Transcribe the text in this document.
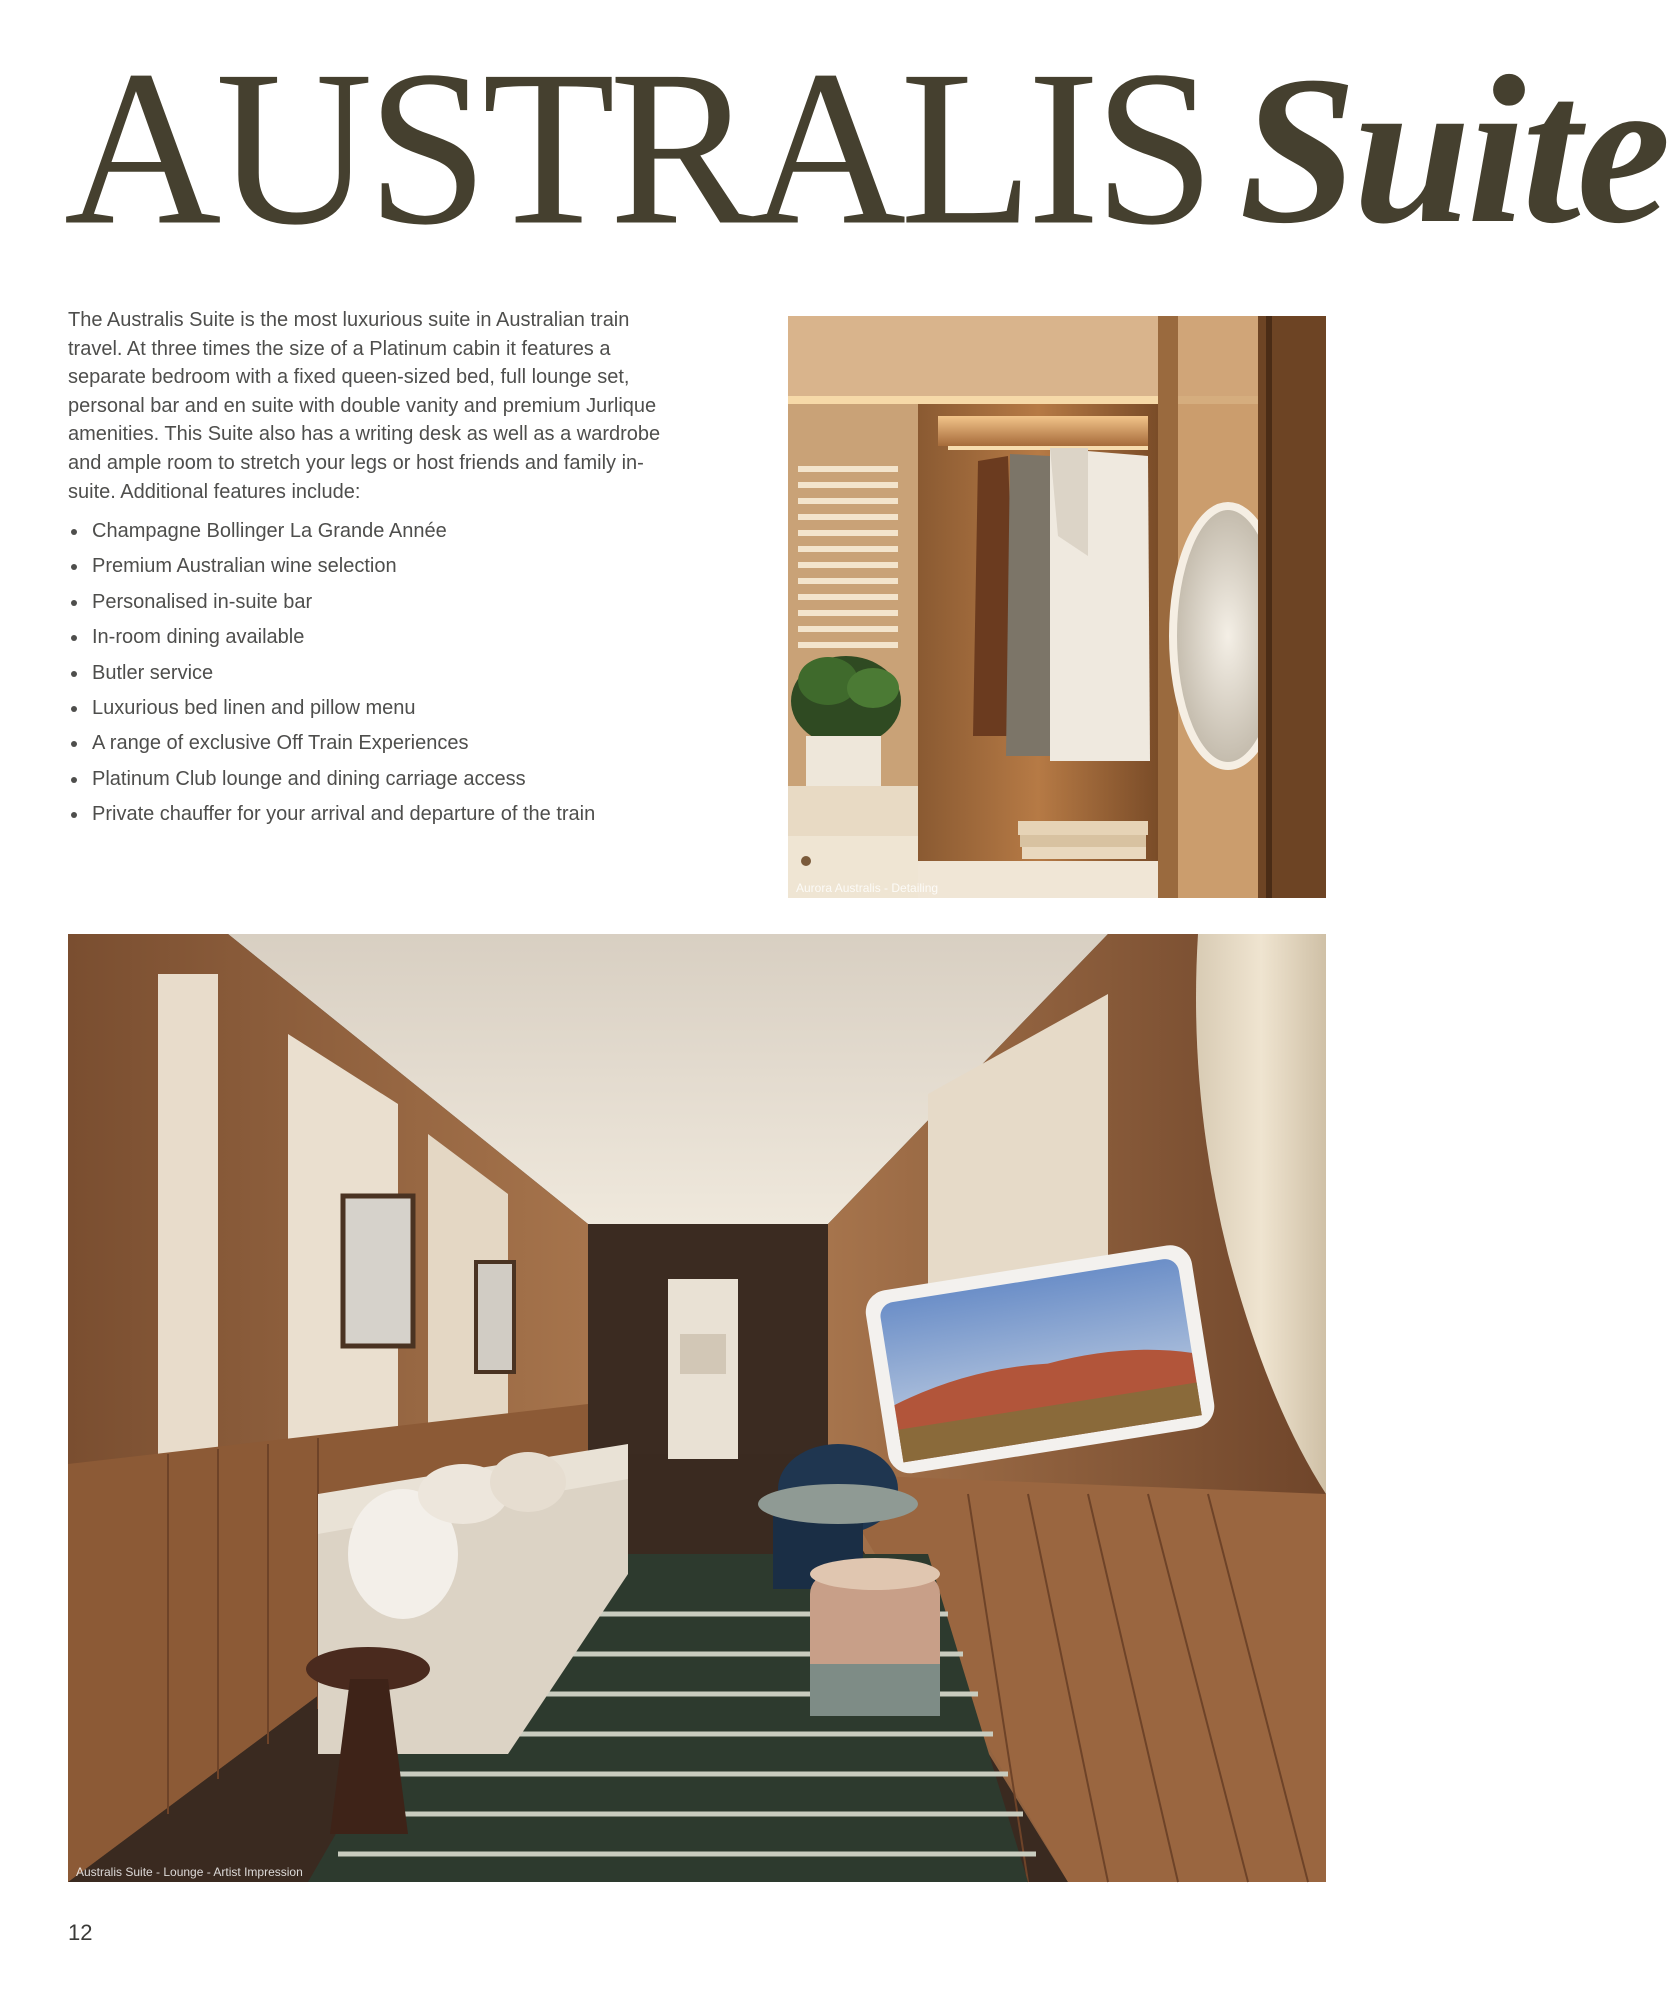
AUSTRALIS Suite

The Australis Suite is the most luxurious suite in Australian train travel. At three times the size of a Platinum cabin it features a separate bedroom with a fixed queen-sized bed, full lounge set, personal bar and en suite with double vanity and premium Jurlique amenities. This Suite also has a writing desk as well as a wardrobe and ample room to stretch your legs or host friends and family in-suite. Additional features include:

Champagne Bollinger La Grande Année
Premium Australian wine selection
Personalised in-suite bar
In-room dining available
Butler service
Luxurious bed linen and pillow menu
A range of exclusive Off Train Experiences
Platinum Club lounge and dining carriage access
Private chauffer for your arrival and departure of the train
Aurora Australis - Detailing
Australis Suite - Lounge - Artist Impression
12
